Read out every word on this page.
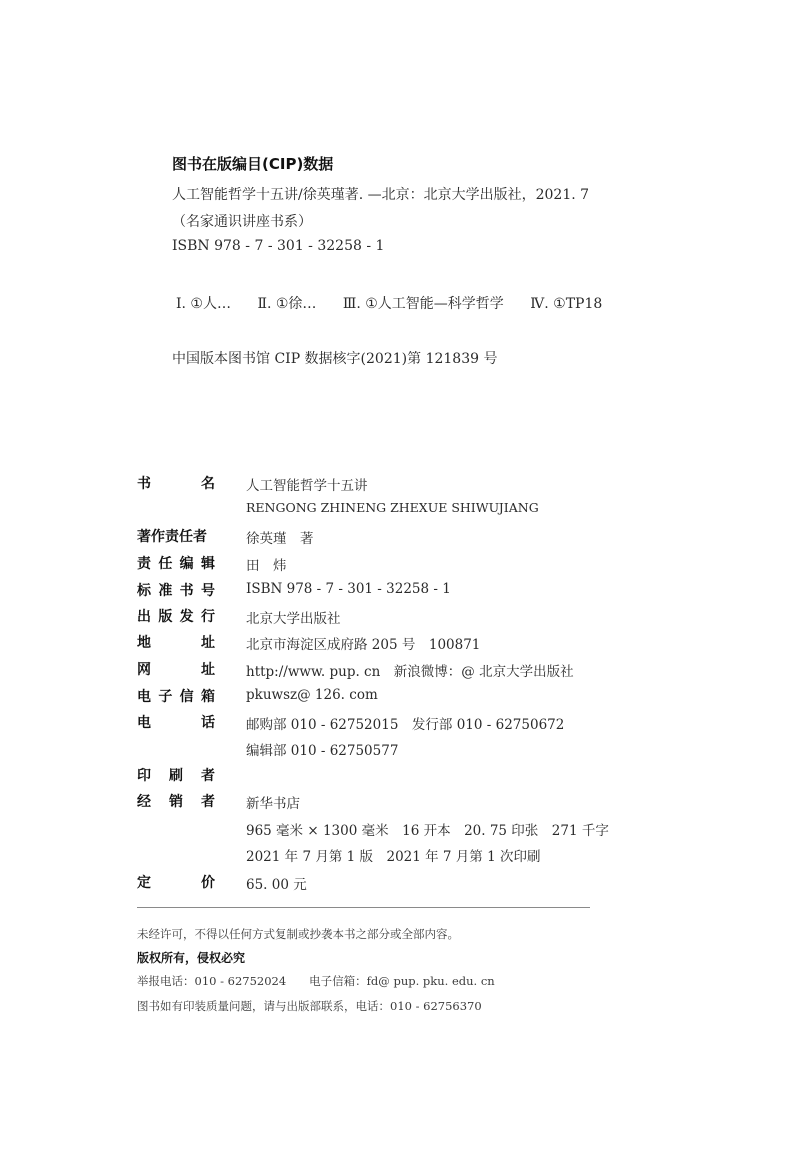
图书在版编目(CIP)数据
人工智能哲学十五讲/徐英瑾著. —北京：北京大学出版社，2021. 7
（名家通识讲座书系）
ISBN 978 - 7 - 301 - 32258 - 1
Ⅰ. ①人… Ⅱ. ①徐… Ⅲ. ①人工智能—科学哲学 Ⅳ. ①TP18
中国版本图书馆 CIP 数据核字(2021)第 121839 号
书	名 人工智能哲学十五讲
RENGONG ZHINENG ZHEXUE SHIWUJIANG
著作责任者	徐英瑾　著
责 任 编 辑 田　炜
标 准 书 号 ISBN 978 - 7 - 301 - 32258 - 1
出 版 发 行 北京大学出版社
地	址 北京市海淀区成府路 205 号　100871
网	址 http://www. pup. cn　新浪微博：@ 北京大学出版社
电 子 信 箱 pkuwsz@ 126. com
电	话 邮购部 010 - 62752015　发行部 010 - 62750672
编辑部 010 - 62750577
印 刷 者
经 销 者 新华书店
965 毫米 × 1300 毫米　16 开本　20. 75 印张　271 千字
2021 年 7 月第 1 版　2021 年 7 月第 1 次印刷
定	价 65. 00 元
未经许可，不得以任何方式复制或抄袭本书之部分或全部内容。
版权所有，侵权必究
举报电话：010 - 62752024　　电子信箱：fd@ pup. pku. edu. cn
图书如有印装质量问题，请与出版部联系，电话：010 - 62756370
